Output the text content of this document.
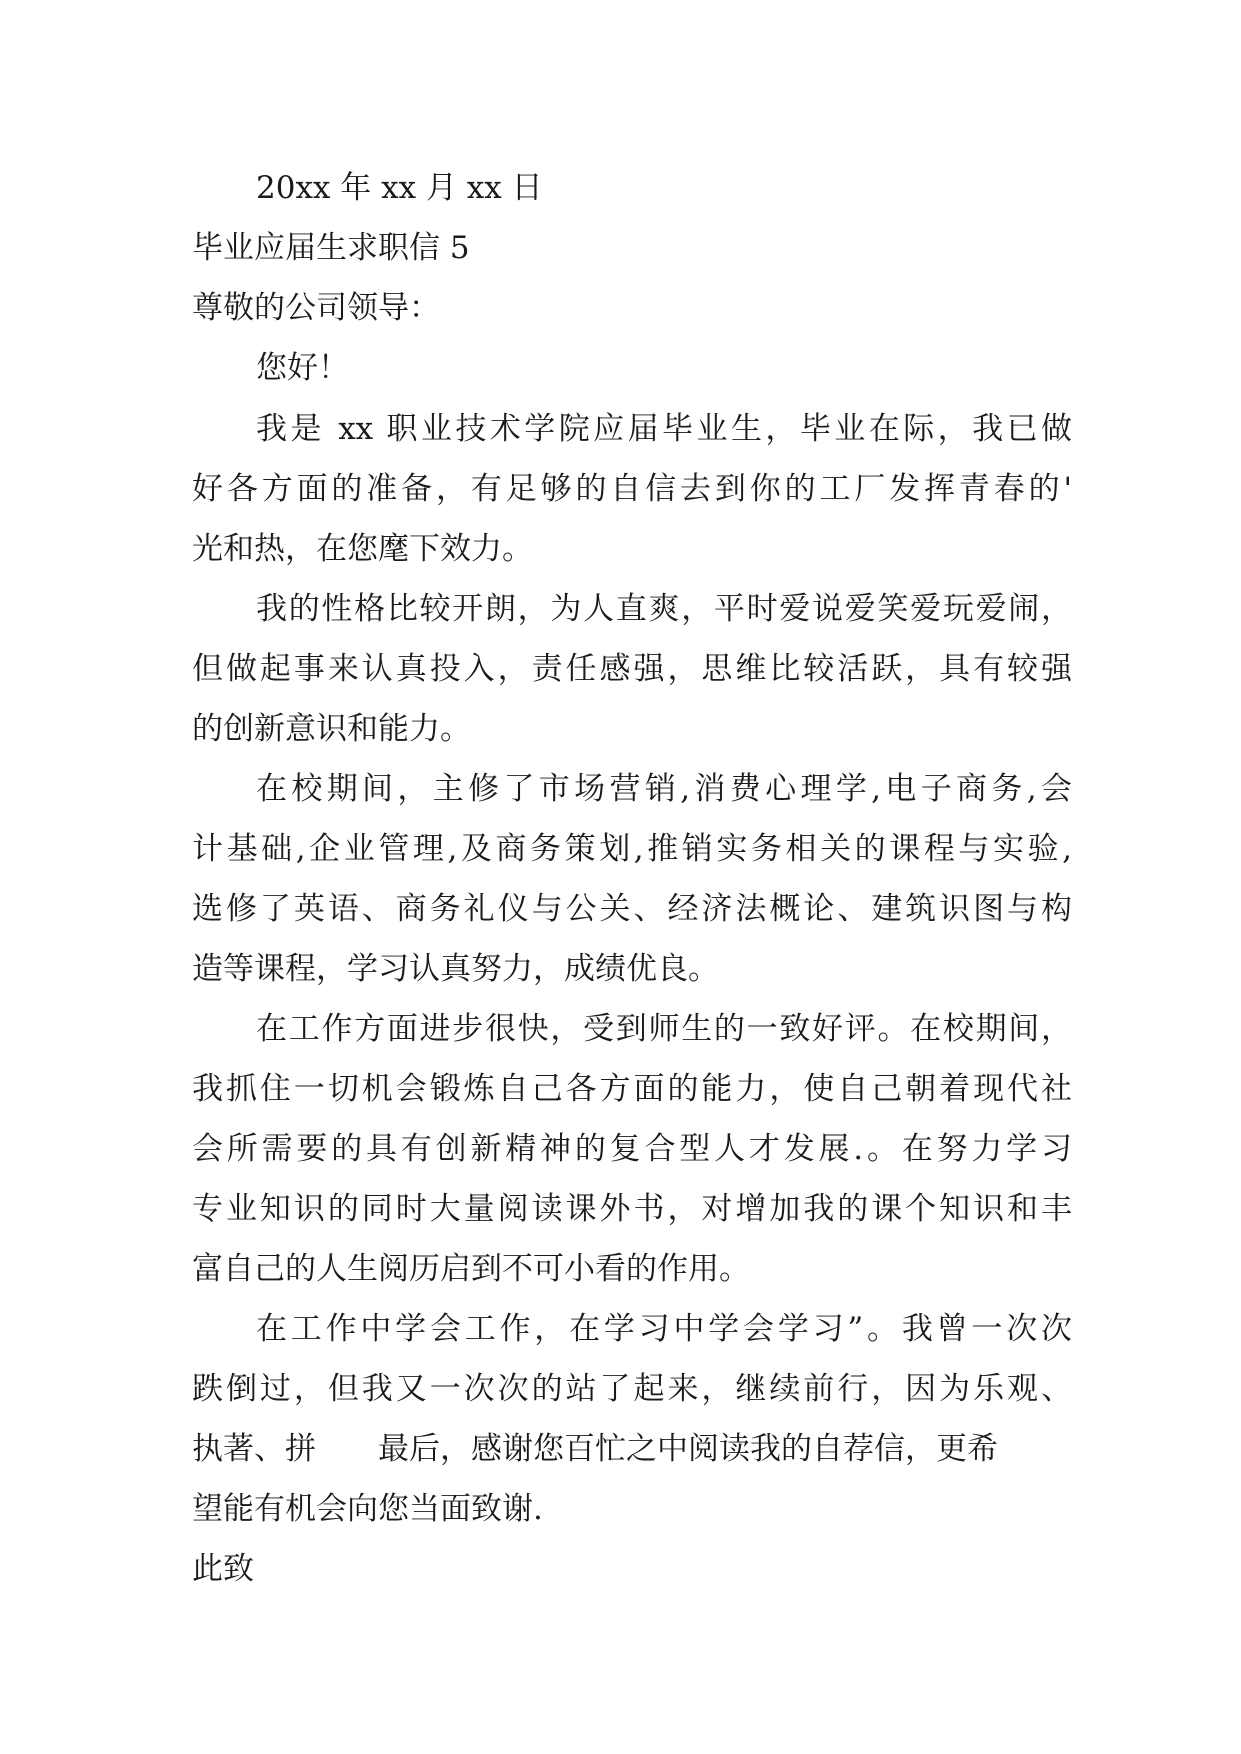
20xx 年 xx 月 xx 日
毕业应届生求职信 5
尊敬的公司领导：
您好！
我是 xx 职业技术学院应届毕业生，毕业在际，我已做
好各方面的准备，有足够的自信去到你的工厂发挥青春的'
光和热，在您麾下效力。
我的性格比较开朗，为人直爽，平时爱说爱笑爱玩爱闹，
但做起事来认真投入，责任感强，思维比较活跃，具有较强
的创新意识和能力。
在校期间，主修了市场营销,消费心理学,电子商务,会
计基础,企业管理,及商务策划,推销实务相关的课程与实验,
选修了英语、商务礼仪与公关、经济法概论、建筑识图与构
造等课程，学习认真努力，成绩优良。
在工作方面进步很快，受到师生的一致好评。在校期间，
我抓住一切机会锻炼自己各方面的能力，使自己朝着现代社
会所需要的具有创新精神的复合型人才发展.。在努力学习
专业知识的同时大量阅读课外书，对增加我的课个知识和丰
富自己的人生阅历启到不可小看的作用。
在工作中学会工作，在学习中学会学习”。我曾一次次
跌倒过，但我又一次次的站了起来，继续前行，因为乐观、
执著、拼　　最后，感谢您百忙之中阅读我的自荐信，更希
望能有机会向您当面致谢.
此致
